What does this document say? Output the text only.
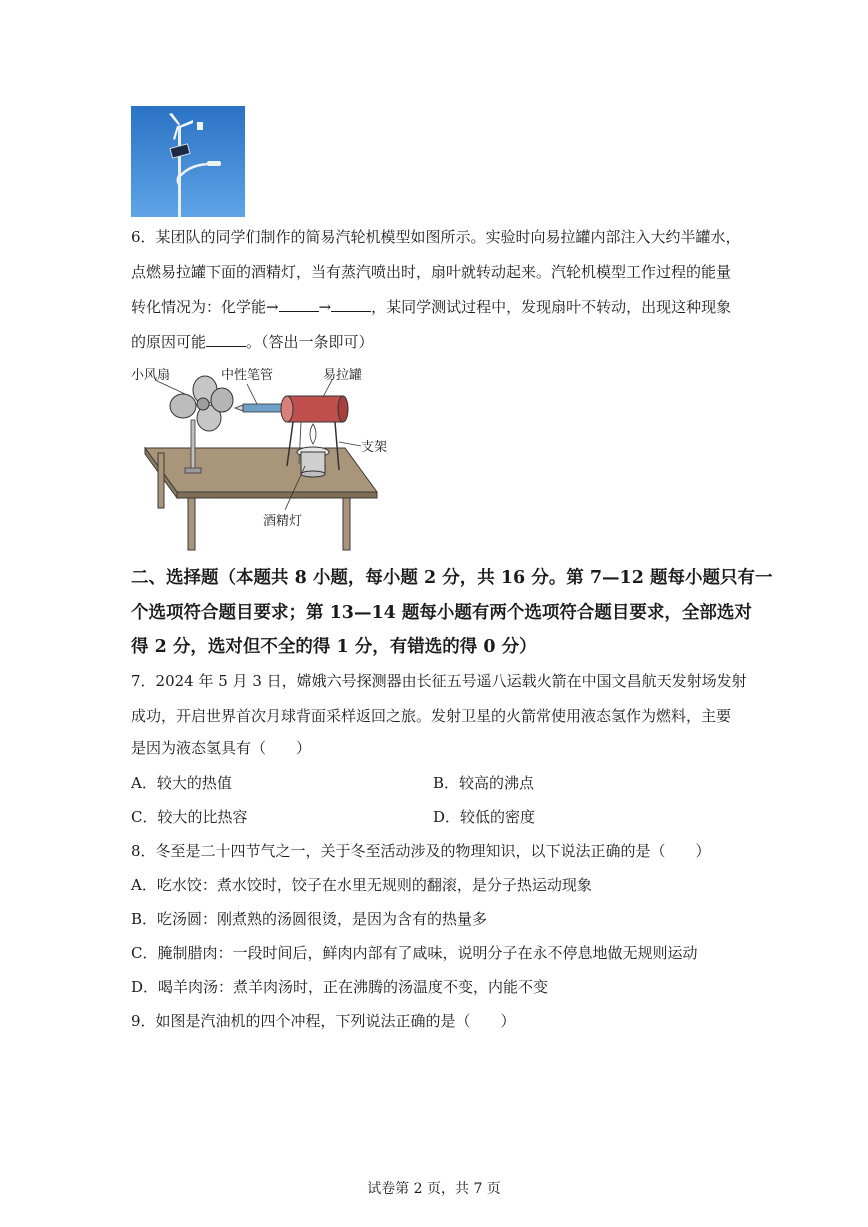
6．某团队的同学们制作的简易汽轮机模型如图所示。实验时向易拉罐内部注入大约半罐水，
点燃易拉罐下面的酒精灯，当有蒸汽喷出时，扇叶就转动起来。汽轮机模型工作过程的能量
转化情况为：化学能→	→	，某同学测试过程中，发现扇叶不转动，出现这种现象
的原因可能	。（答出一条即可）
小风扇	中性笔管	易拉罐
支架
酒精灯
二、选择题（本题共 8 小题，每小题 2 分，共 16 分。第 7—12 题每小题只有一
个选项符合题目要求；第 13—14 题每小题有两个选项符合题目要求，全部选对
得 2 分，选对但不全的得 1 分，有错选的得 0 分）
7．2024 年 5 月 3 日，嫦娥六号探测器由长征五号遥八运载火箭在中国文昌航天发射场发射
成功，开启世界首次月球背面采样返回之旅。发射卫星的火箭常使用液态氢作为燃料，主要
是因为液态氢具有（　　）
A．较大的热值	B．较高的沸点
C．较大的比热容	D．较低的密度
8．冬至是二十四节气之一，关于冬至活动涉及的物理知识，以下说法正确的是（　　）
A．吃水饺：煮水饺时，饺子在水里无规则的翻滚，是分子热运动现象
B．吃汤圆：刚煮熟的汤圆很烫，是因为含有的热量多
C．腌制腊肉：一段时间后，鲜肉内部有了咸味，说明分子在永不停息地做无规则运动
D．喝羊肉汤：煮羊肉汤时，正在沸腾的汤温度不变，内能不变
9．如图是汽油机的四个冲程，下列说法正确的是（　　）
试卷第 2 页，共 7 页
